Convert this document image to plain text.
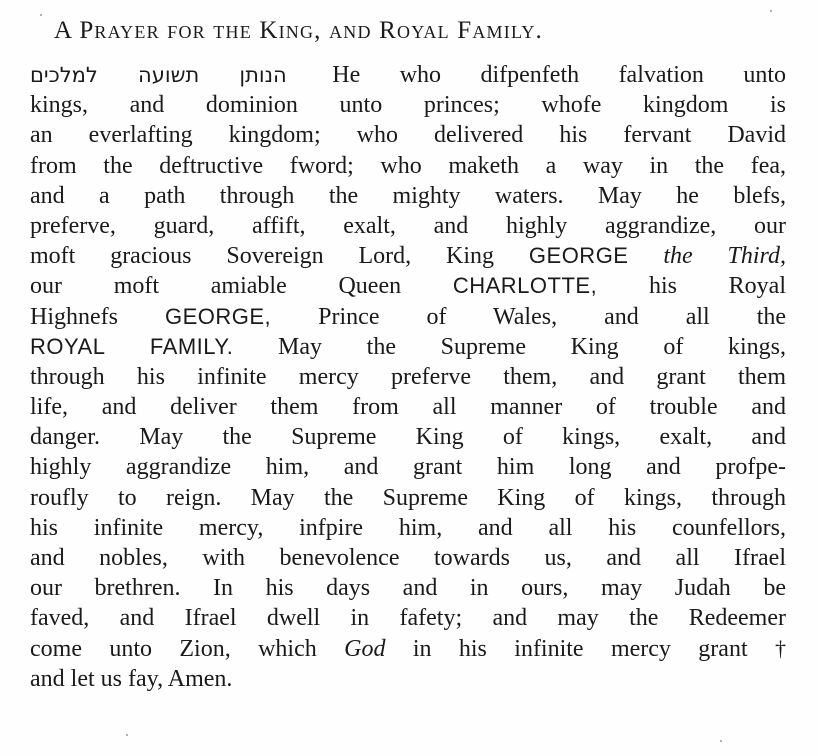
A Prayer for the King, and Royal Family.
הנותן תשועה למלכים He who difpenfeth falvation unto
kings, and dominion unto princes; whofe kingdom is
an everlafting kingdom; who delivered his fervant David
from the deftructive fword; who maketh a way in the fea,
and a path through the mighty waters. May he blefs,
preferve, guard, affift, exalt, and highly aggrandize, our
moft gracious Sovereign Lord, King GEORGE the Third,
our moft amiable Queen CHARLOTTE, his Royal
Highnefs GEORGE, Prince of Wales, and all the
ROYAL FAMILY. May the Supreme King of kings,
through his infinite mercy preferve them, and grant them
life, and deliver them from all manner of trouble and
danger. May the Supreme King of kings, exalt, and
highly aggrandize him, and grant him long and profpe-
roufly to reign. May the Supreme King of kings, through
his infinite mercy, infpire him, and all his counfellors,
and nobles, with benevolence towards us, and all Ifrael
our brethren. In his days and in ours, may Judah be
faved, and Ifrael dwell in fafety; and may the Redeemer
come unto Zion, which God in his infinite mercy grant †
and let us fay, Amen.
